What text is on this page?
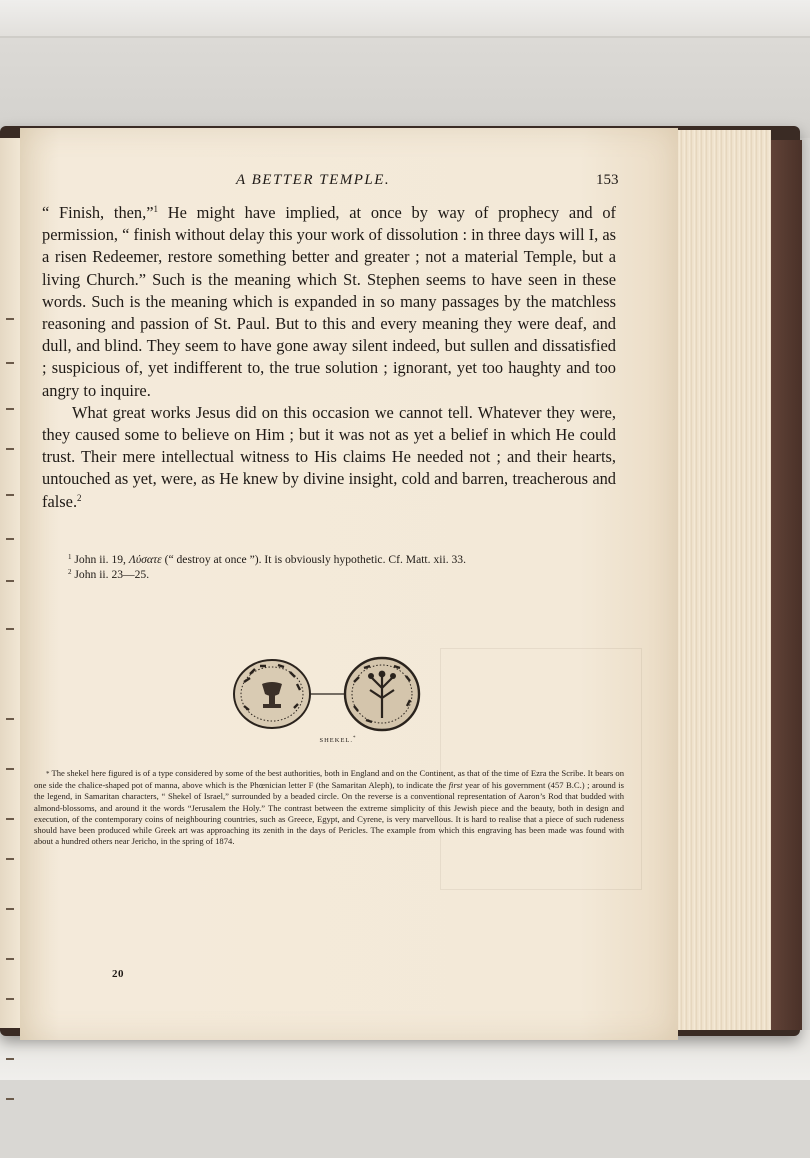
A BETTER TEMPLE.	153

“ Finish, then,”$^1$ He might have implied, at once by way of prophecy and of permission, “ finish without delay this your work of dissolution : in three days will I, as a risen Redeemer, restore something better and greater ; not a material Temple, but a living Church.” Such is the meaning which St. Stephen seems to have seen in these words. Such is the meaning which is expanded in so many passages by the matchless reasoning and passion of St. Paul. But to this and every meaning they were deaf, and dull, and blind. They seem to have gone away silent indeed, but sullen and dissatisfied ; suspicious of, yet indifferent to, the true solution ; ignorant, yet too haughty and too angry to inquire.

What great works Jesus did on this occasion we cannot tell. Whatever they were, they caused some to believe on Him ; but it was not as yet a belief in which He could trust. Their mere intellectual witness to His claims He needed not ; and their hearts, untouched as yet, were, as He knew by divine insight, cold and barren, treacherous and false.$^2$

$^1$ John ii. 19, Λύσατε (“ destroy at once ”). It is obviously hypothetic. Cf. Matt. xii. 33.
$^2$ John ii. 23—25.
SHEKEL.*

* The shekel here figured is of a type considered by some of the best authorities, both in England and on the Continent, as that of the time of Ezra the Scribe. It bears on one side the chalice-shaped pot of manna, above which is the Phœnician letter F (the Samaritan Aleph), to indicate the first year of his government (457 B.C.) ; around is the legend, in Samaritan characters, “ Shekel of Israel,” surrounded by a beaded circle. On the reverse is a conventional representation of Aaron’s Rod that budded with almond-blossoms, and around it the words “Jerusalem the Holy.” The contrast between the extreme simplicity of this Jewish piece and the beauty, both in design and execution, of the contemporary coins of neighbouring countries, such as Greece, Egypt, and Cyrene, is very marvellous. It is hard to realise that a piece of such rudeness should have been produced while Greek art was approaching its zenith in the days of Pericles. The example from which this engraving has been made was found with about a hundred others near Jericho, in the spring of 1874.

20
